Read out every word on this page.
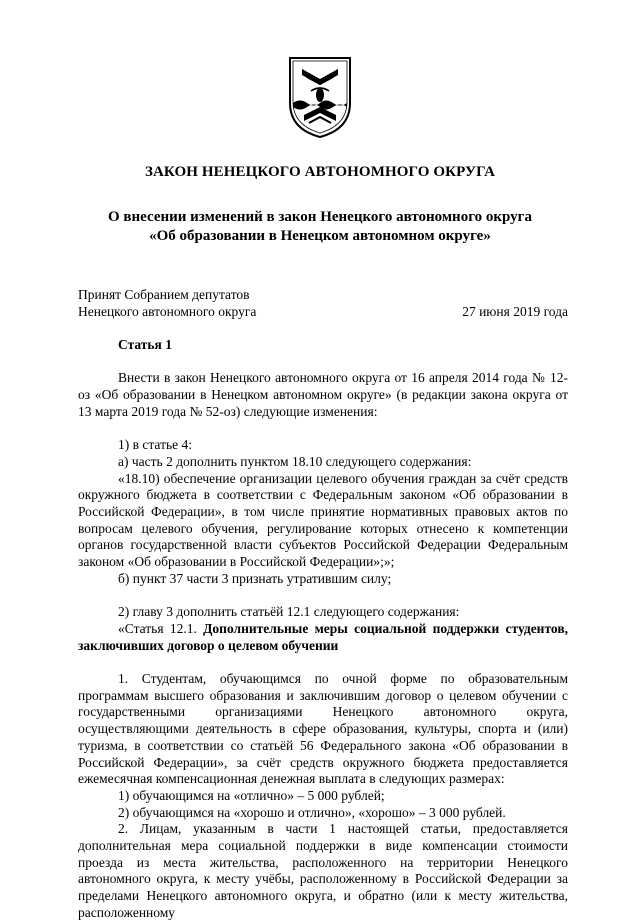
ЗАКОН НЕНЕЦКОГО АВТОНОМНОГО ОКРУГА
О внесении изменений в закон Ненецкого автономного округа
«Об образовании в Ненецком автономном округе»
Принят Собранием депутатов
Ненецкого автономного округа	27 июня 2019 года

Статья 1

Внести в закон Ненецкого автономного округа от 16 апреля 2014 года № 12-оз «Об образовании в Ненецком автономном округе» (в редакции закона округа от 13 марта 2019 года № 52-оз) следующие изменения:

1) в статье 4:

а) часть 2 дополнить пунктом 18.10 следующего содержания:

«18.10) обеспечение организации целевого обучения граждан за счёт средств окружного бюджета в соответствии с Федеральным законом «Об образовании в Российской Федерации», в том числе принятие нормативных правовых актов по вопросам целевого обучения, регулирование которых отнесено к компетенции органов государственной власти субъектов Российской Федерации Федеральным законом «Об образовании в Российской Федерации»;»;

б) пункт 37 части 3 признать утратившим силу;

2) главу 3 дополнить статьёй 12.1 следующего содержания:

«Статья 12.1. Дополнительные меры социальной поддержки студентов, заключивших договор о целевом обучении

1. Студентам, обучающимся по очной форме по образовательным программам высшего образования и заключившим договор о целевом обучении с государственными организациями Ненецкого автономного округа, осуществляющими деятельность в сфере образования, культуры, спорта и (или) туризма, в соответствии со статьёй 56 Федерального закона «Об образовании в Российской Федерации», за счёт средств окружного бюджета предоставляется ежемесячная компенсационная денежная выплата в следующих размерах:

1) обучающимся на «отлично» – 5 000 рублей;

2) обучающимся на «хорошо и отлично», «хорошо» – 3 000 рублей.

2. Лицам, указанным в части 1 настоящей статьи, предоставляется дополнительная мера социальной поддержки в виде компенсации стоимости проезда из места жительства, расположенного на территории Ненецкого автономного округа, к месту учёбы, расположенному в Российской Федерации за пределами Ненецкого автономного округа, и обратно (или к месту жительства, расположенному
